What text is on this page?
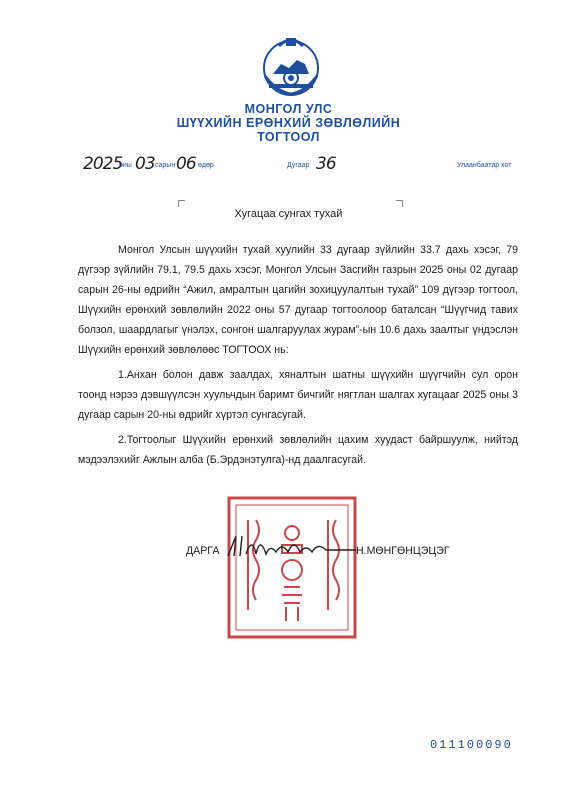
МОНГОЛ УЛС
ШҮҮХИЙН ЕРӨНХИЙ ЗӨВЛӨЛИЙН
ТОГТООЛ
2025
оны 03 сарын 06 өдөр	Дугаар 36	Улаанбаатар хот
Хугацаа сунгах тухай

Монгол Улсын шүүхийн тухай хуулийн 33 дугаар зүйлийн 33.7 дахь хэсэг, 79 дүгээр зүйлийн 79.1, 79.5 дахь хэсэг, Монгол Улсын Засгийн газрын 2025 оны 02 дугаар сарын 26-ны өдрийн “Ажил, амралтын цагийн зохицуулалтын тухай” 109 дүгээр тогтоол, Шүүхийн ерөнхий зөвлөлийн 2022 оны 57 дугаар тогтоолоор баталсан “Шүүгчид тавих болзол, шаардлагыг үнэлэх, сонгон шалгаруулах журам”-ын 10.6 дахь заалтыг үндэслэн Шүүхийн ерөнхий зөвлөлөөс ТОГТООХ нь:

1.Анхан болон давж заалдах, хяналтын шатны шүүхийн шүүгчийн сул орон тоонд нэрээ дэвшүүлсэн хуульчдын баримт бичгийг нягтлан шалгах хугацааг 2025 оны 3 дугаар сарын 20-ны өдрийг хүртэл сунгасугай.

2.Тогтоолыг Шүүхийн ерөнхий зөвлөлийн цахим хуудаст байршуулж, нийтэд мэдээлэхийг Ажлын алба (Б.Эрдэнэтулга)-нд даалгасугай.

ДАРГА	Н.МӨНГӨНЦЭЦЭГ
011100090
